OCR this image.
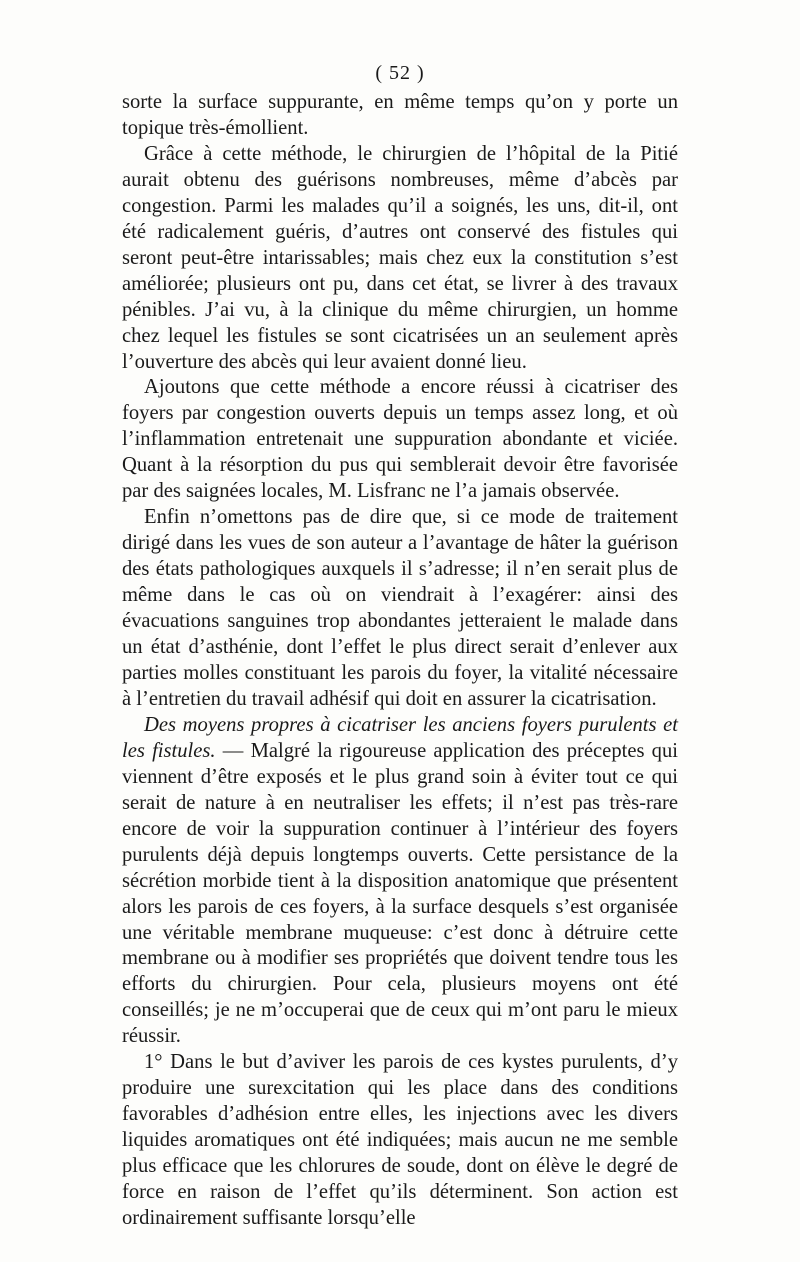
( 52 )

sorte la surface suppurante, en même temps qu’on y porte un topique très-émollient.

Grâce à cette méthode, le chirurgien de l’hôpital de la Pitié aurait obtenu des guérisons nombreuses, même d’abcès par congestion. Parmi les malades qu’il a soignés, les uns, dit-il, ont été radicalement guéris, d’autres ont conservé des fistules qui seront peut-être intarissables; mais chez eux la constitution s’est améliorée; plusieurs ont pu, dans cet état, se livrer à des travaux pénibles. J’ai vu, à la clinique du même chirurgien, un homme chez lequel les fistules se sont cicatrisées un an seulement après l’ouverture des abcès qui leur avaient donné lieu.

Ajoutons que cette méthode a encore réussi à cicatriser des foyers par congestion ouverts depuis un temps assez long, et où l’inflammation entretenait une suppuration abondante et viciée. Quant à la résorption du pus qui semblerait devoir être favorisée par des saignées locales, M. Lisfranc ne l’a jamais observée.

Enfin n’omettons pas de dire que, si ce mode de traitement dirigé dans les vues de son auteur a l’avantage de hâter la guérison des états pathologiques auxquels il s’adresse; il n’en serait plus de même dans le cas où on viendrait à l’exagérer: ainsi des évacuations sanguines trop abondantes jetteraient le malade dans un état d’asthénie, dont l’effet le plus direct serait d’enlever aux parties molles constituant les parois du foyer, la vitalité nécessaire à l’entretien du travail adhésif qui doit en assurer la cicatrisation.

Des moyens propres à cicatriser les anciens foyers purulents et les fistules. — Malgré la rigoureuse application des préceptes qui viennent d’être exposés et le plus grand soin à éviter tout ce qui serait de nature à en neutraliser les effets; il n’est pas très-rare encore de voir la suppuration continuer à l’intérieur des foyers purulents déjà depuis longtemps ouverts. Cette persistance de la sécrétion morbide tient à la disposition anatomique que présentent alors les parois de ces foyers, à la surface desquels s’est organisée une véritable membrane muqueuse: c’est donc à détruire cette membrane ou à modifier ses propriétés que doivent tendre tous les efforts du chirurgien. Pour cela, plusieurs moyens ont été conseillés; je ne m’occuperai que de ceux qui m’ont paru le mieux réussir.

1° Dans le but d’aviver les parois de ces kystes purulents, d’y produire une surexcitation qui les place dans des conditions favorables d’adhésion entre elles, les injections avec les divers liquides aromatiques ont été indiquées; mais aucun ne me semble plus efficace que les chlorures de soude, dont on élève le degré de force en raison de l’effet qu’ils déterminent. Son action est ordinairement suffisante lorsqu’elle
